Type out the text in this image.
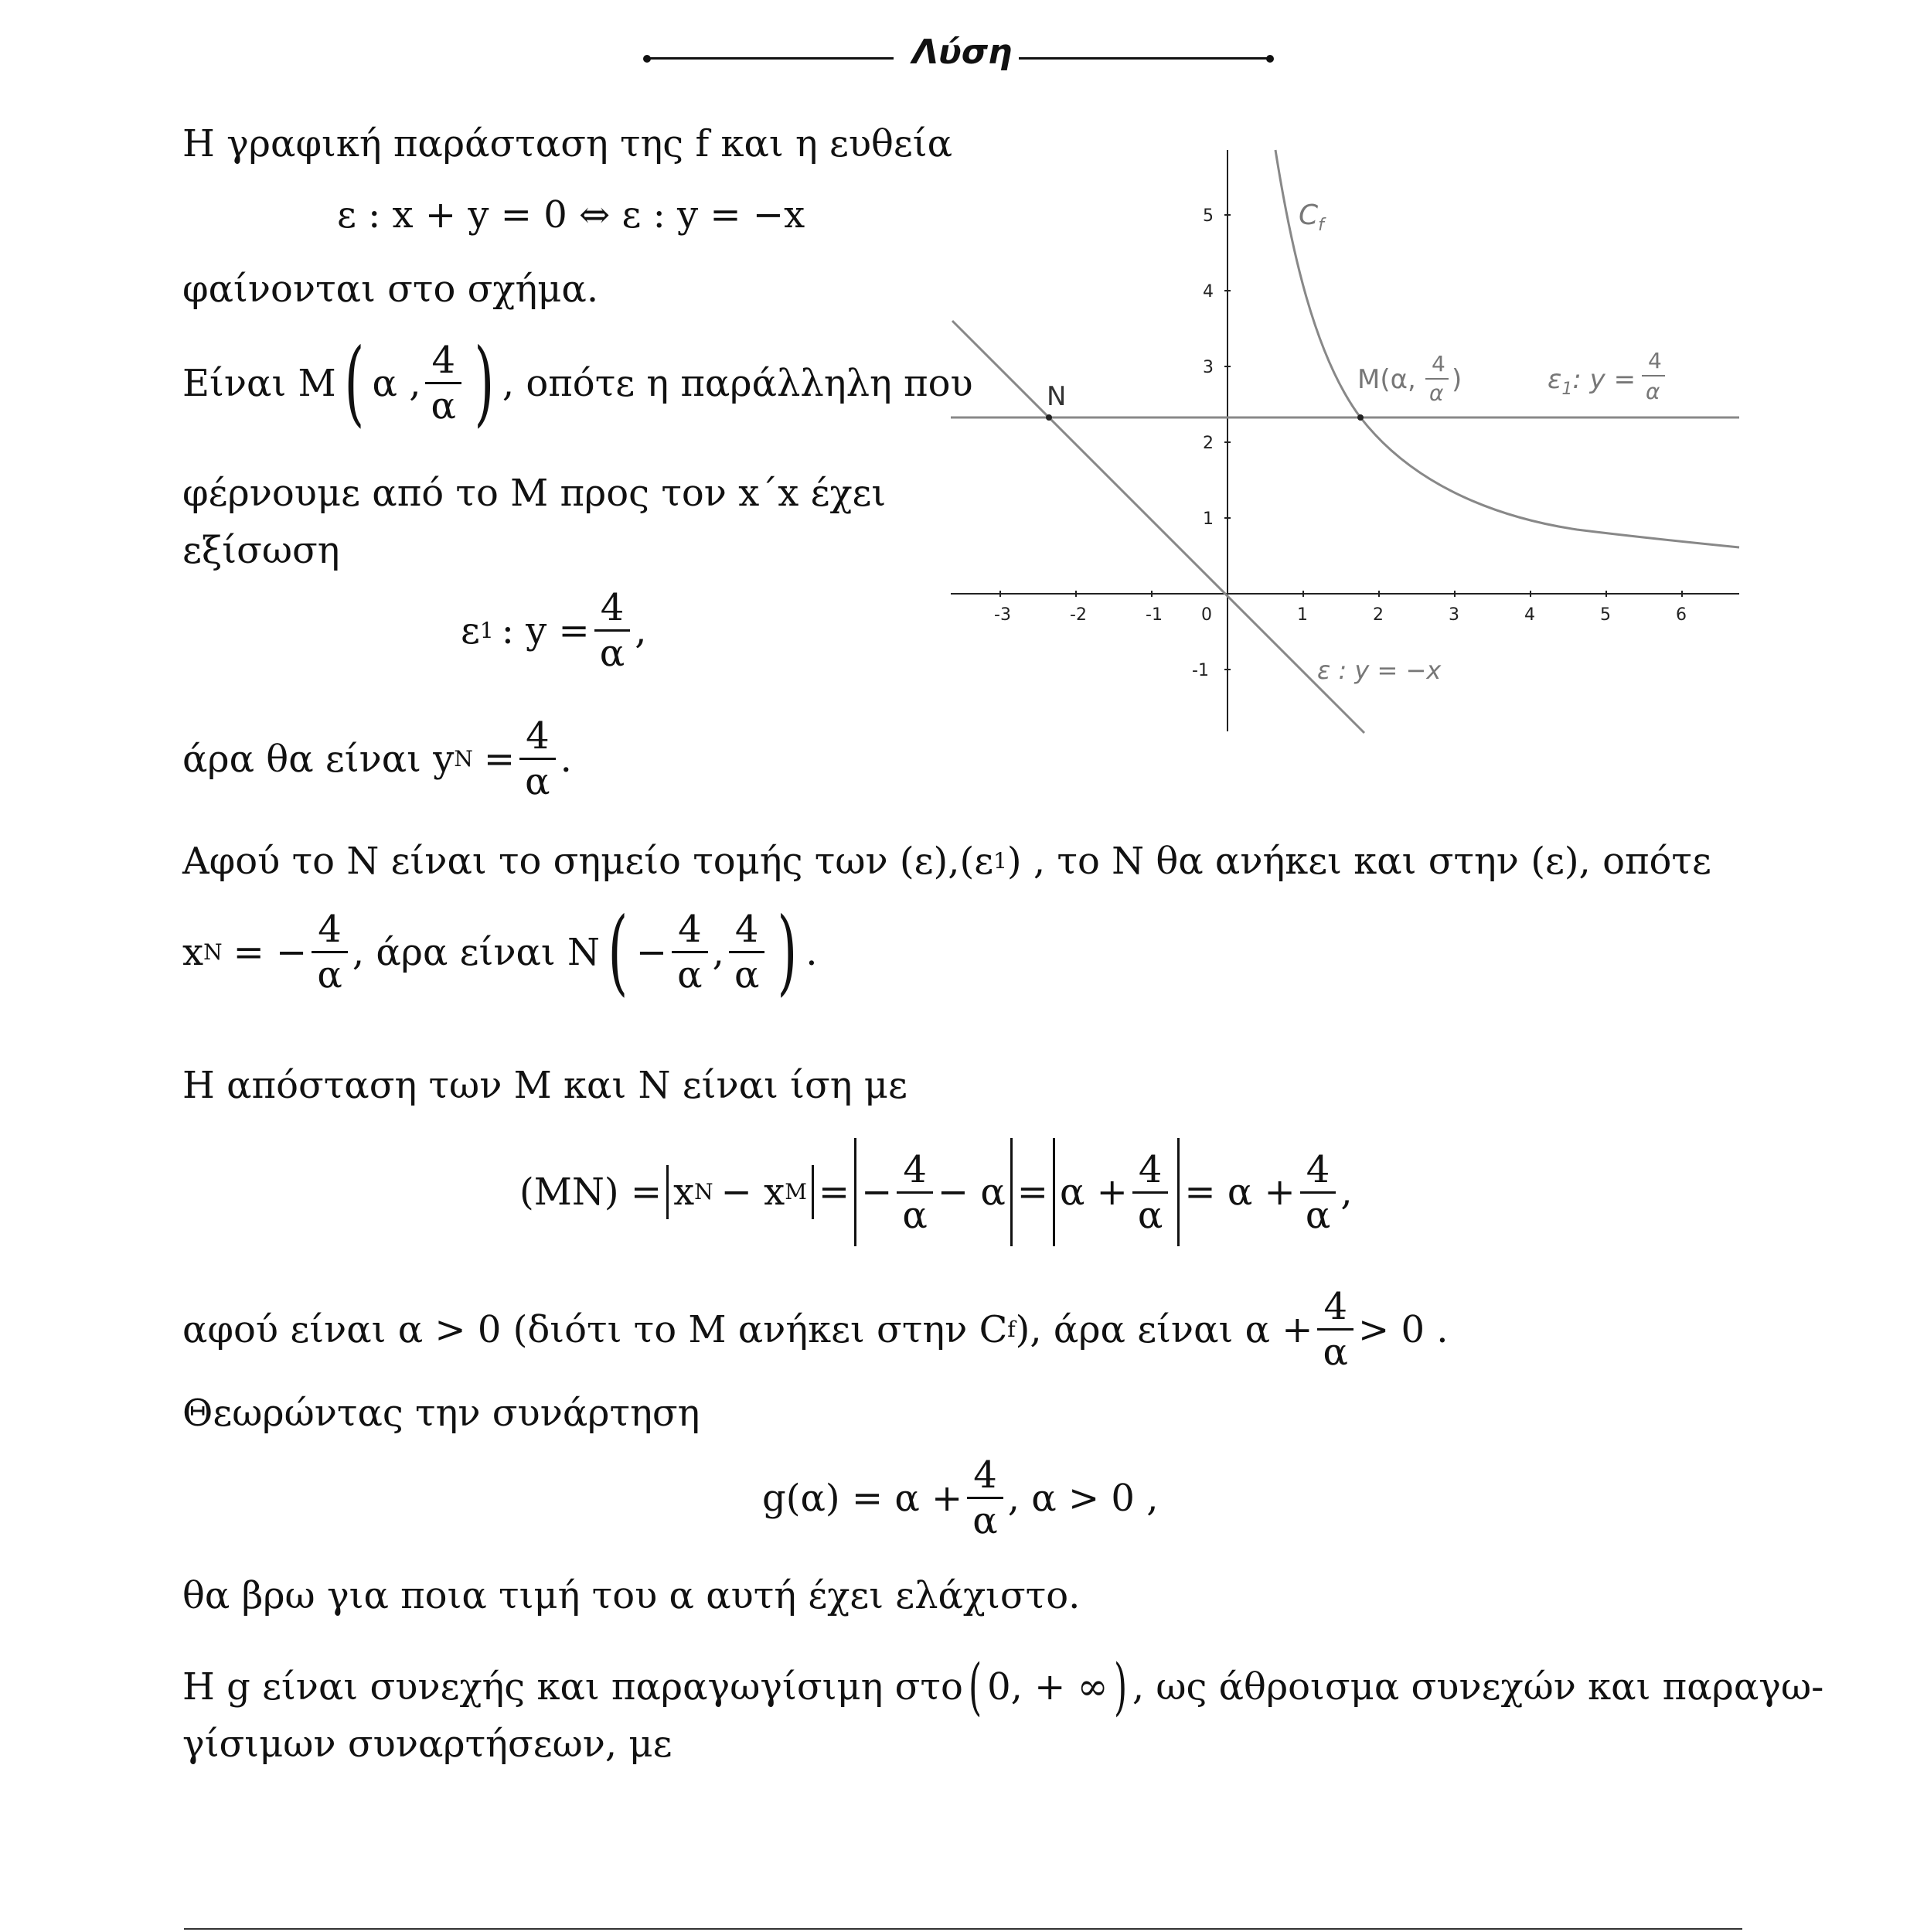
Λύση
Η γραφική παράσταση της f και η ευθεία
ε : x + y = 0 ⇔ ε : y = −x
φαίνονται στο σχήμα.
Είναι M ( α , $\frac{4}{\alpha}$ ) , οπότε η παράλληλη που
φέρνουμε από το M προς τον x΄x έχει
εξίσωση
ε 1 : $y = \frac{4}{\alpha}$ ,
άρα θα είναι y $N = \frac{4}{\alpha}$ .
-3	-2	-1 0	1	2	3	4	5	6
5
4
3
2
1
-1
$C_f$
N
M(α,
4
α )	$\varepsilon_1$: y =
4
α
ε : y = −x
Αφού το N είναι το σημείο τομής των (ε),(ε 1 ) , το N θα ανήκει και στην (ε), οπότε
x N = − $\frac{4}{\alpha}$ , άρα είναι N ( − $\frac{4}{\alpha}$ , $\frac{4}{\alpha}$ ) .
Η απόσταση των M και N είναι ίση με
(MN) = x N − x M = − $\frac{4}{\alpha} - \alpha = \alpha + \frac{4}{\alpha} = \alpha + \frac{4}{\alpha}$ ,
αφού είναι α > 0 (διότι το M ανήκει στην C f ), άρα είναι $\alpha + \frac{4}{\alpha} > 0$ .
Θεωρώντας την συνάρτηση
$g(\alpha) = \alpha + \frac{4}{\alpha}$ , α > 0 ,
θα βρω για ποια τιμή του α αυτή έχει ελάχιστο.
Η g είναι συνεχής και παραγωγίσιμη στο ( 0, + ∞ ) , ως άθροισμα συνεχών και παραγω-
γίσιμων συναρτήσεων, με
